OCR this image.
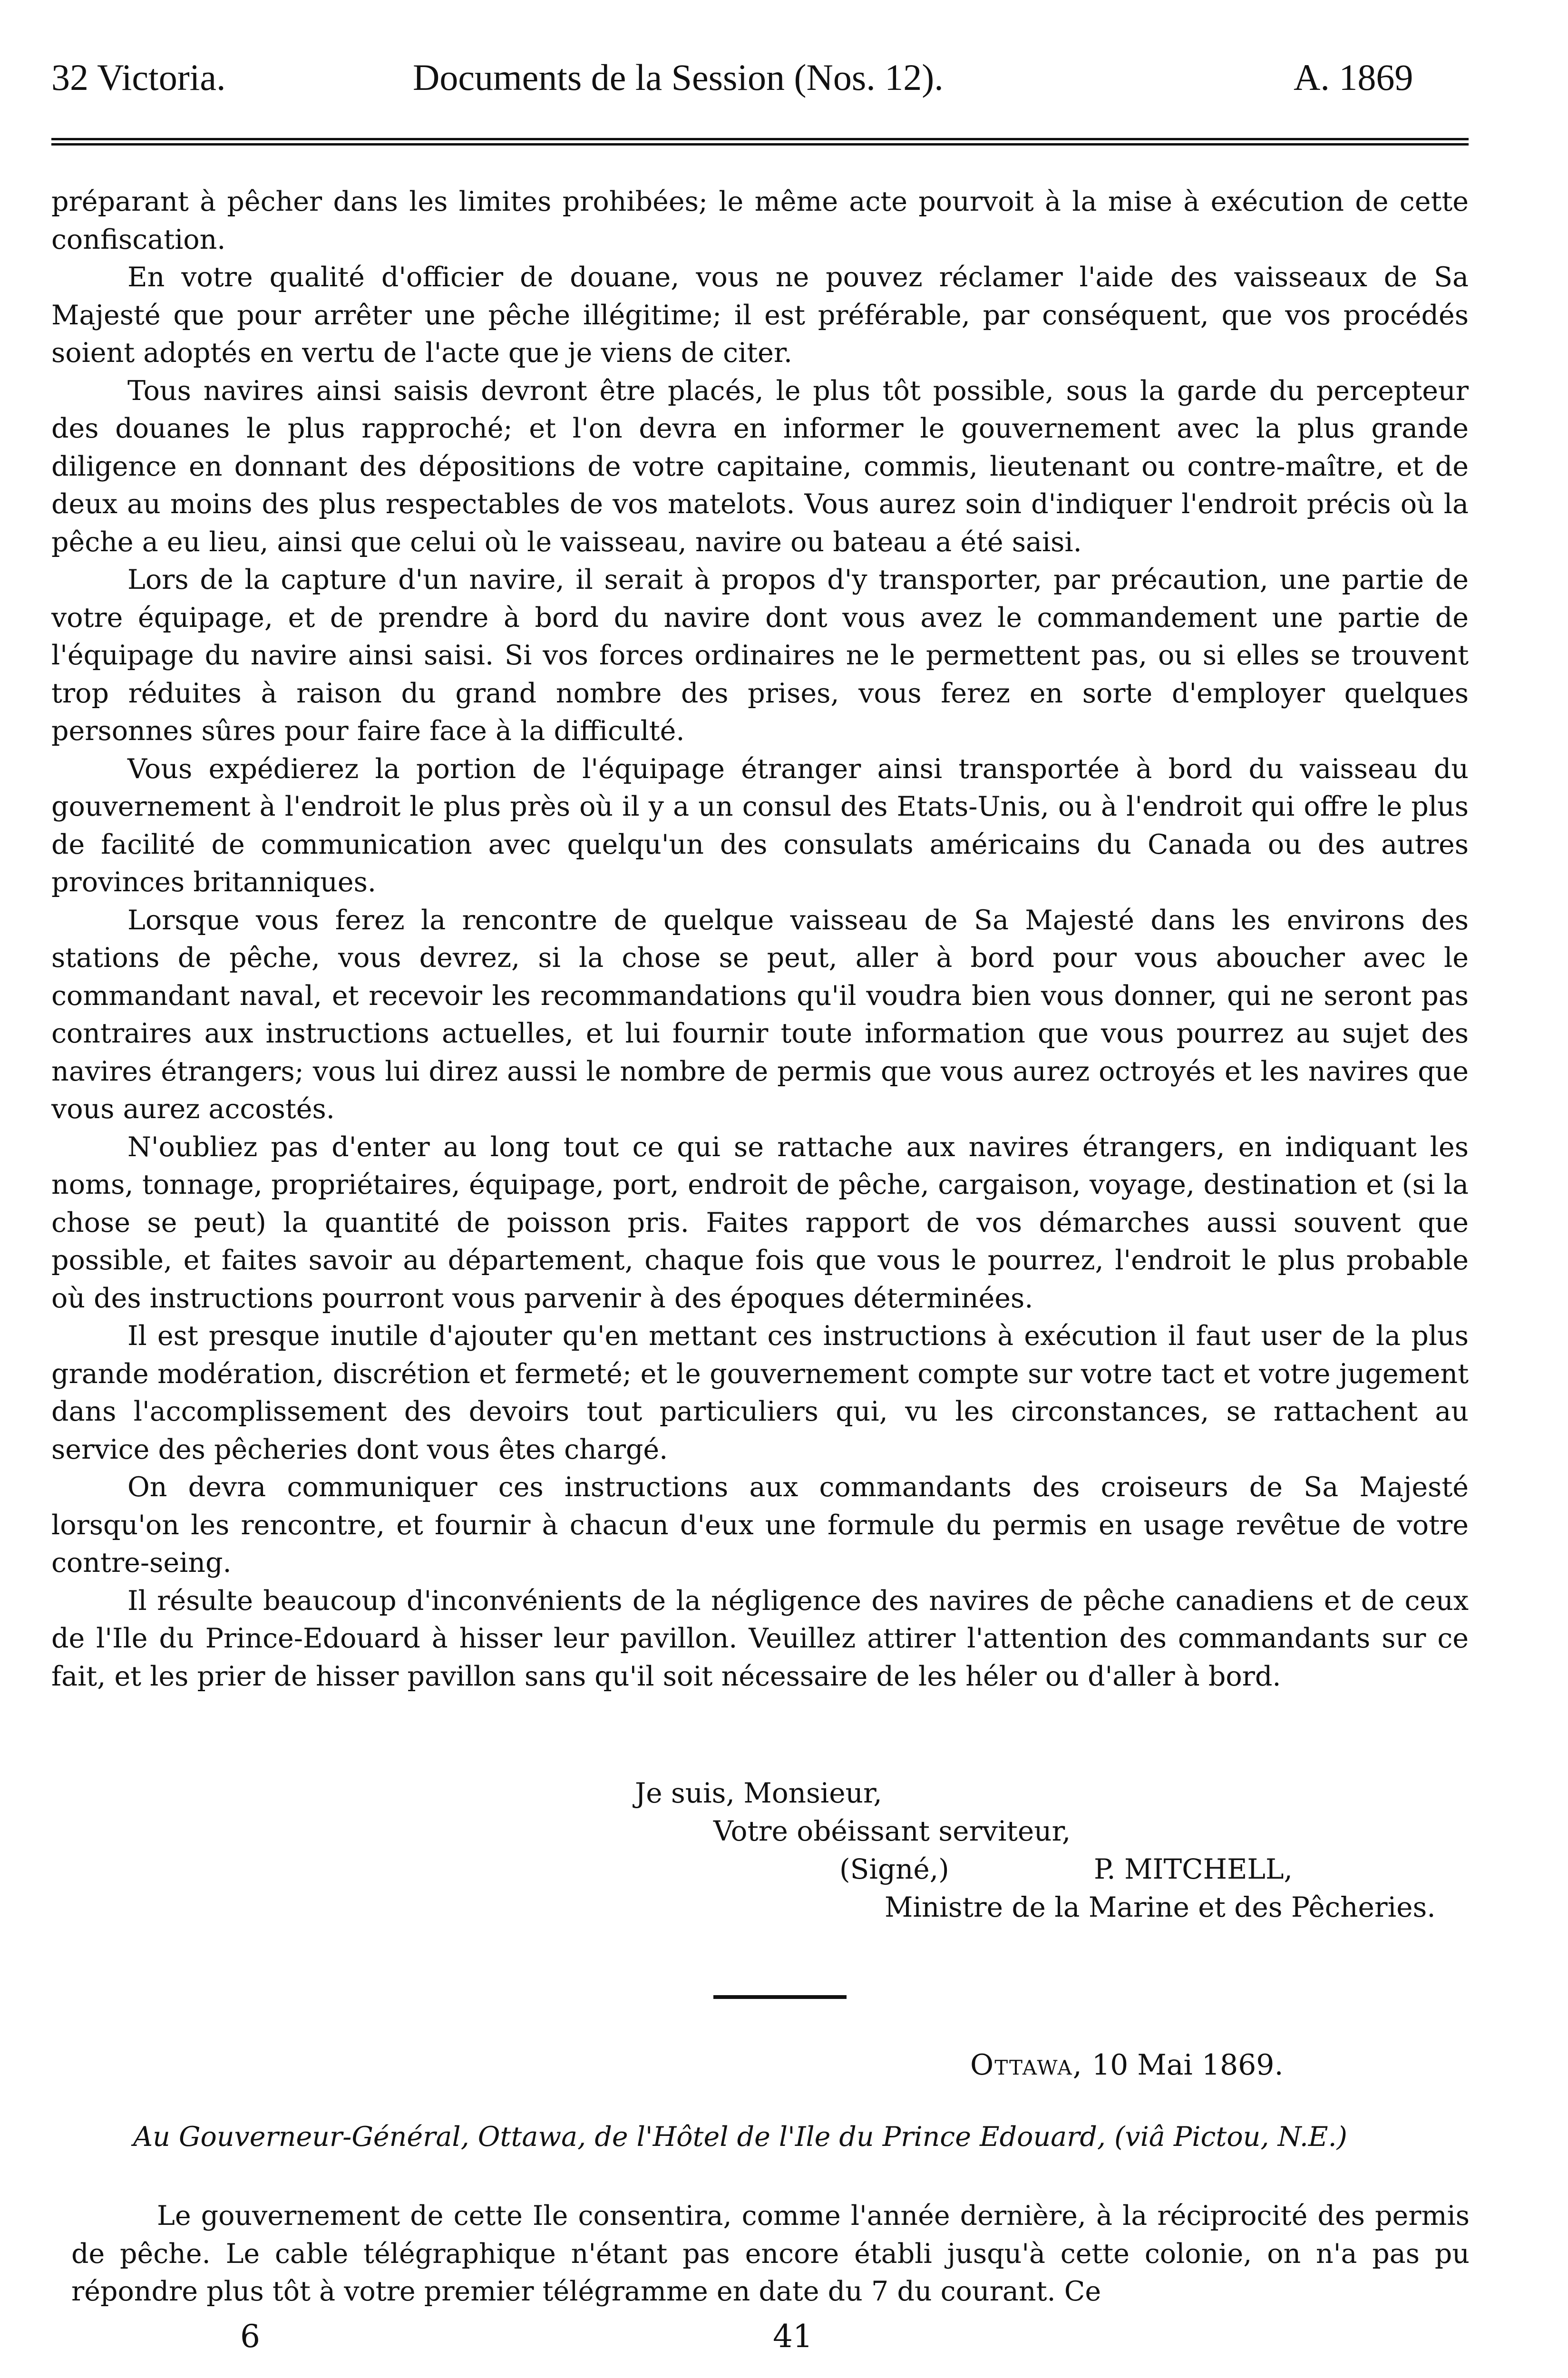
32 Victoria.	Documents de la Session (Nos. 12).	A. 1869

préparant à pêcher dans les limites prohibées; le même acte pourvoit à la mise à exécution de cette confiscation.

En votre qualité d'officier de douane, vous ne pouvez réclamer l'aide des vaisseaux de Sa Majesté que pour arrêter une pêche illégitime; il est préférable, par conséquent, que vos procédés soient adoptés en vertu de l'acte que je viens de citer.

Tous navires ainsi saisis devront être placés, le plus tôt possible, sous la garde du percepteur des douanes le plus rapproché; et l'on devra en informer le gouvernement avec la plus grande diligence en donnant des dépositions de votre capitaine, commis, lieutenant ou contre-maître, et de deux au moins des plus respectables de vos matelots. Vous aurez soin d'indiquer l'endroit précis où la pêche a eu lieu, ainsi que celui où le vaisseau, navire ou bateau a été saisi.

Lors de la capture d'un navire, il serait à propos d'y transporter, par précaution, une partie de votre équipage, et de prendre à bord du navire dont vous avez le commandement une partie de l'équipage du navire ainsi saisi. Si vos forces ordinaires ne le permettent pas, ou si elles se trouvent trop réduites à raison du grand nombre des prises, vous ferez en sorte d'employer quelques personnes sûres pour faire face à la difficulté.

Vous expédierez la portion de l'équipage étranger ainsi transportée à bord du vaisseau du gouvernement à l'endroit le plus près où il y a un consul des Etats-Unis, ou à l'endroit qui offre le plus de facilité de communication avec quelqu'un des consulats américains du Canada ou des autres provinces britanniques.

Lorsque vous ferez la rencontre de quelque vaisseau de Sa Majesté dans les environs des stations de pêche, vous devrez, si la chose se peut, aller à bord pour vous aboucher avec le commandant naval, et recevoir les recommandations qu'il voudra bien vous donner, qui ne seront pas contraires aux instructions actuelles, et lui fournir toute information que vous pourrez au sujet des navires étrangers; vous lui direz aussi le nombre de permis que vous aurez octroyés et les navires que vous aurez accostés.

N'oubliez pas d'enter au long tout ce qui se rattache aux navires étrangers, en indiquant les noms, tonnage, propriétaires, équipage, port, endroit de pêche, cargaison, voyage, destination et (si la chose se peut) la quantité de poisson pris. Faites rapport de vos démarches aussi souvent que possible, et faites savoir au département, chaque fois que vous le pourrez, l'endroit le plus probable où des instructions pourront vous parvenir à des époques déterminées.

Il est presque inutile d'ajouter qu'en mettant ces instructions à exécution il faut user de la plus grande modération, discrétion et fermeté; et le gouvernement compte sur votre tact et votre jugement dans l'accomplissement des devoirs tout particuliers qui, vu les circonstances, se rattachent au service des pêcheries dont vous êtes chargé.

On devra communiquer ces instructions aux commandants des croiseurs de Sa Majesté lorsqu'on les rencontre, et fournir à chacun d'eux une formule du permis en usage revêtue de votre contre-seing.

Il résulte beaucoup d'inconvénients de la négligence des navires de pêche canadiens et de ceux de l'Ile du Prince-Edouard à hisser leur pavillon. Veuillez attirer l'attention des commandants sur ce fait, et les prier de hisser pavillon sans qu'il soit nécessaire de les héler ou d'aller à bord.

Je suis, Monsieur,
Votre obéissant serviteur,
(Signé,)	P. MITCHELL,
Ministre de la Marine et des Pêcheries.
Ottawa, 10 Mai 1869.
Au Gouverneur-Général, Ottawa, de l'Hôtel de l'Ile du Prince Edouard, (viâ Pictou, N.E.)

Le gouvernement de cette Ile consentira, comme l'année dernière, à la réciprocité des permis de pêche. Le cable télégraphique n'étant pas encore établi jusqu'à cette colonie, on n'a pas pu répondre plus tôt à votre premier télégramme en date du 7 du courant. Ce

6	41
